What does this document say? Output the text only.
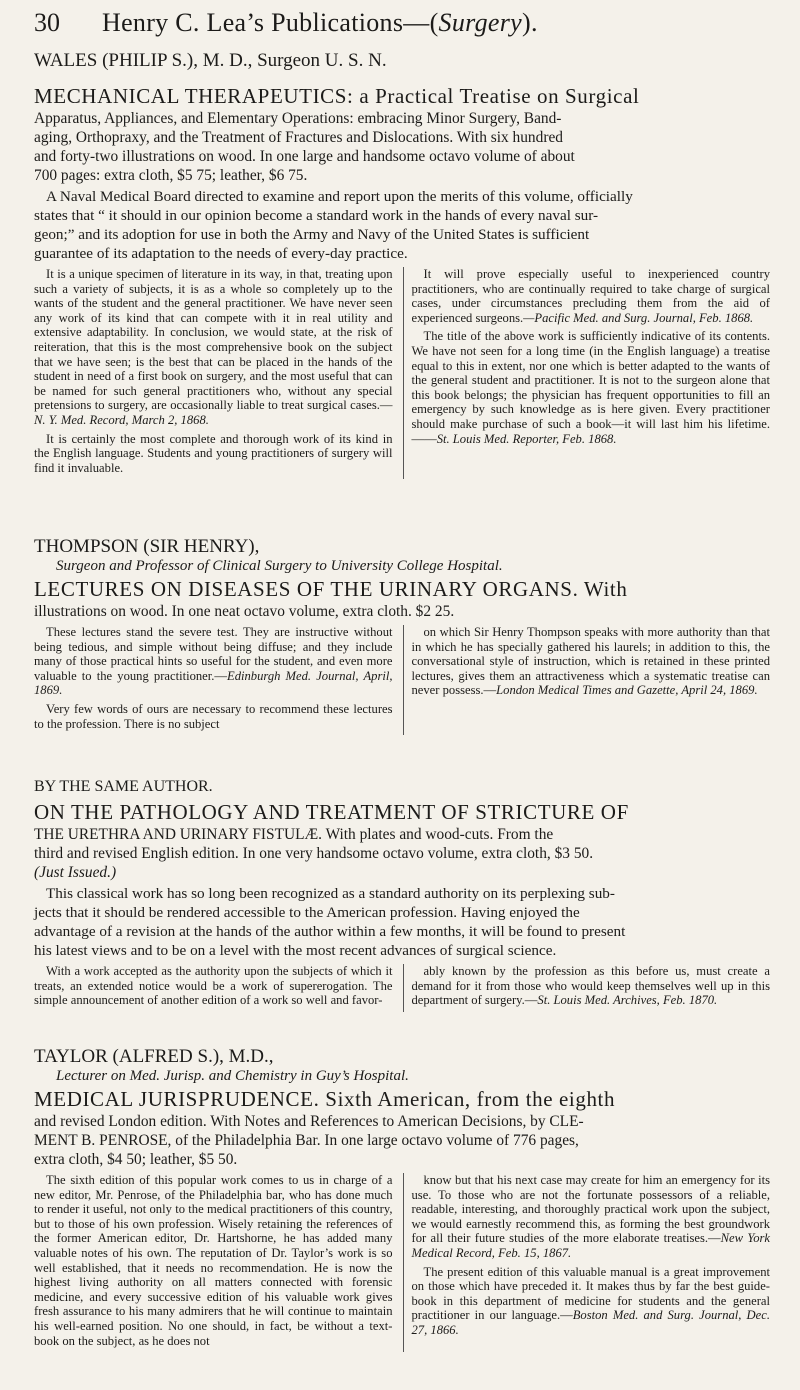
30 Henry C. Lea’s Publications—(Surgery).
WALES (PHILIP S.), M. D., Surgeon U. S. N.
MECHANICAL THERAPEUTICS: a Practical Treatise on Surgical
Apparatus, Appliances, and Elementary Operations: embracing Minor Surgery, Band-
aging, Orthopraxy, and the Treatment of Fractures and Dislocations. With six hundred
and forty-two illustrations on wood. In one large and handsome octavo volume of about
700 pages: extra cloth, $5 75; leather, $6 75.
A Naval Medical Board directed to examine and report upon the merits of this volume, officially
states that “ it should in our opinion become a standard work in the hands of every naval sur-
geon;” and its adoption for use in both the Army and Navy of the United States is sufficient
guarantee of its adaptation to the needs of every-day practice.

It is a unique specimen of literature in its way, in that, treating upon such a variety of subjects, it is as a whole so completely up to the wants of the student and the general practitioner. We have never seen any work of its kind that can compete with it in real utility and extensive adaptability. In conclusion, we would state, at the risk of reiteration, that this is the most comprehensive book on the subject that we have seen; is the best that can be placed in the hands of the student in need of a first book on surgery, and the most useful that can be named for such general practitioners who, without any special pretensions to surgery, are occasionally liable to treat surgical cases.—N. Y. Med. Record, March 2, 1868.

It is certainly the most complete and thorough work of its kind in the English language. Students and young practitioners of surgery will find it invaluable.

It will prove especially useful to inexperienced country practitioners, who are continually required to take charge of surgical cases, under circumstances precluding them from the aid of experienced surgeons.—Pacific Med. and Surg. Journal, Feb. 1868.

The title of the above work is sufficiently indicative of its contents. We have not seen for a long time (in the English language) a treatise equal to this in extent, nor one which is better adapted to the wants of the general student and practitioner. It is not to the surgeon alone that this book belongs; the physician has frequent opportunities to fill an emergency by such knowledge as is here given. Every practitioner should make purchase of such a book—it will last him his lifetime.——St. Louis Med. Reporter, Feb. 1868.

THOMPSON (SIR HENRY),
Surgeon and Professor of Clinical Surgery to University College Hospital.
LECTURES ON DISEASES OF THE URINARY ORGANS. With
illustrations on wood. In one neat octavo volume, extra cloth. $2 25.

These lectures stand the severe test. They are instructive without being tedious, and simple without being diffuse; and they include many of those practical hints so useful for the student, and even more valuable to the young practitioner.—Edinburgh Med. Journal, April, 1869.

Very few words of ours are necessary to recommend these lectures to the profession. There is no subject

on which Sir Henry Thompson speaks with more authority than that in which he has specially gathered his laurels; in addition to this, the conversational style of instruction, which is retained in these printed lectures, gives them an attractiveness which a systematic treatise can never possess.—London Medical Times and Gazette, April 24, 1869.

BY THE SAME AUTHOR.
ON THE PATHOLOGY AND TREATMENT OF STRICTURE OF
THE URETHRA AND URINARY FISTULÆ. With plates and wood-cuts. From the
third and revised English edition. In one very handsome octavo volume, extra cloth, $3 50.
(Just Issued.)
This classical work has so long been recognized as a standard authority on its perplexing sub-
jects that it should be rendered accessible to the American profession. Having enjoyed the
advantage of a revision at the hands of the author within a few months, it will be found to present
his latest views and to be on a level with the most recent advances of surgical science.

With a work accepted as the authority upon the subjects of which it treats, an extended notice would be a work of supererogation. The simple announcement of another edition of a work so well and favor-

ably known by the profession as this before us, must create a demand for it from those who would keep themselves well up in this department of surgery.—St. Louis Med. Archives, Feb. 1870.

TAYLOR (ALFRED S.), M.D.,
Lecturer on Med. Jurisp. and Chemistry in Guy’s Hospital.
MEDICAL JURISPRUDENCE. Sixth American, from the eighth
and revised London edition. With Notes and References to American Decisions, by CLE-
MENT B. PENROSE, of the Philadelphia Bar. In one large octavo volume of 776 pages,
extra cloth, $4 50; leather, $5 50.

The sixth edition of this popular work comes to us in charge of a new editor, Mr. Penrose, of the Philadelphia bar, who has done much to render it useful, not only to the medical practitioners of this country, but to those of his own profession. Wisely retaining the references of the former American editor, Dr. Hartshorne, he has added many valuable notes of his own. The reputation of Dr. Taylor’s work is so well established, that it needs no recommendation. He is now the highest living authority on all matters connected with forensic medicine, and every successive edition of his valuable work gives fresh assurance to his many admirers that he will continue to maintain his well-earned position. No one should, in fact, be without a text-book on the subject, as he does not

know but that his next case may create for him an emergency for its use. To those who are not the fortunate possessors of a reliable, readable, interesting, and thoroughly practical work upon the subject, we would earnestly recommend this, as forming the best groundwork for all their future studies of the more elaborate treatises.—New York Medical Record, Feb. 15, 1867.

The present edition of this valuable manual is a great improvement on those which have preceded it. It makes thus by far the best guide-book in this department of medicine for students and the general practitioner in our language.—Boston Med. and Surg. Journal, Dec. 27, 1866.
